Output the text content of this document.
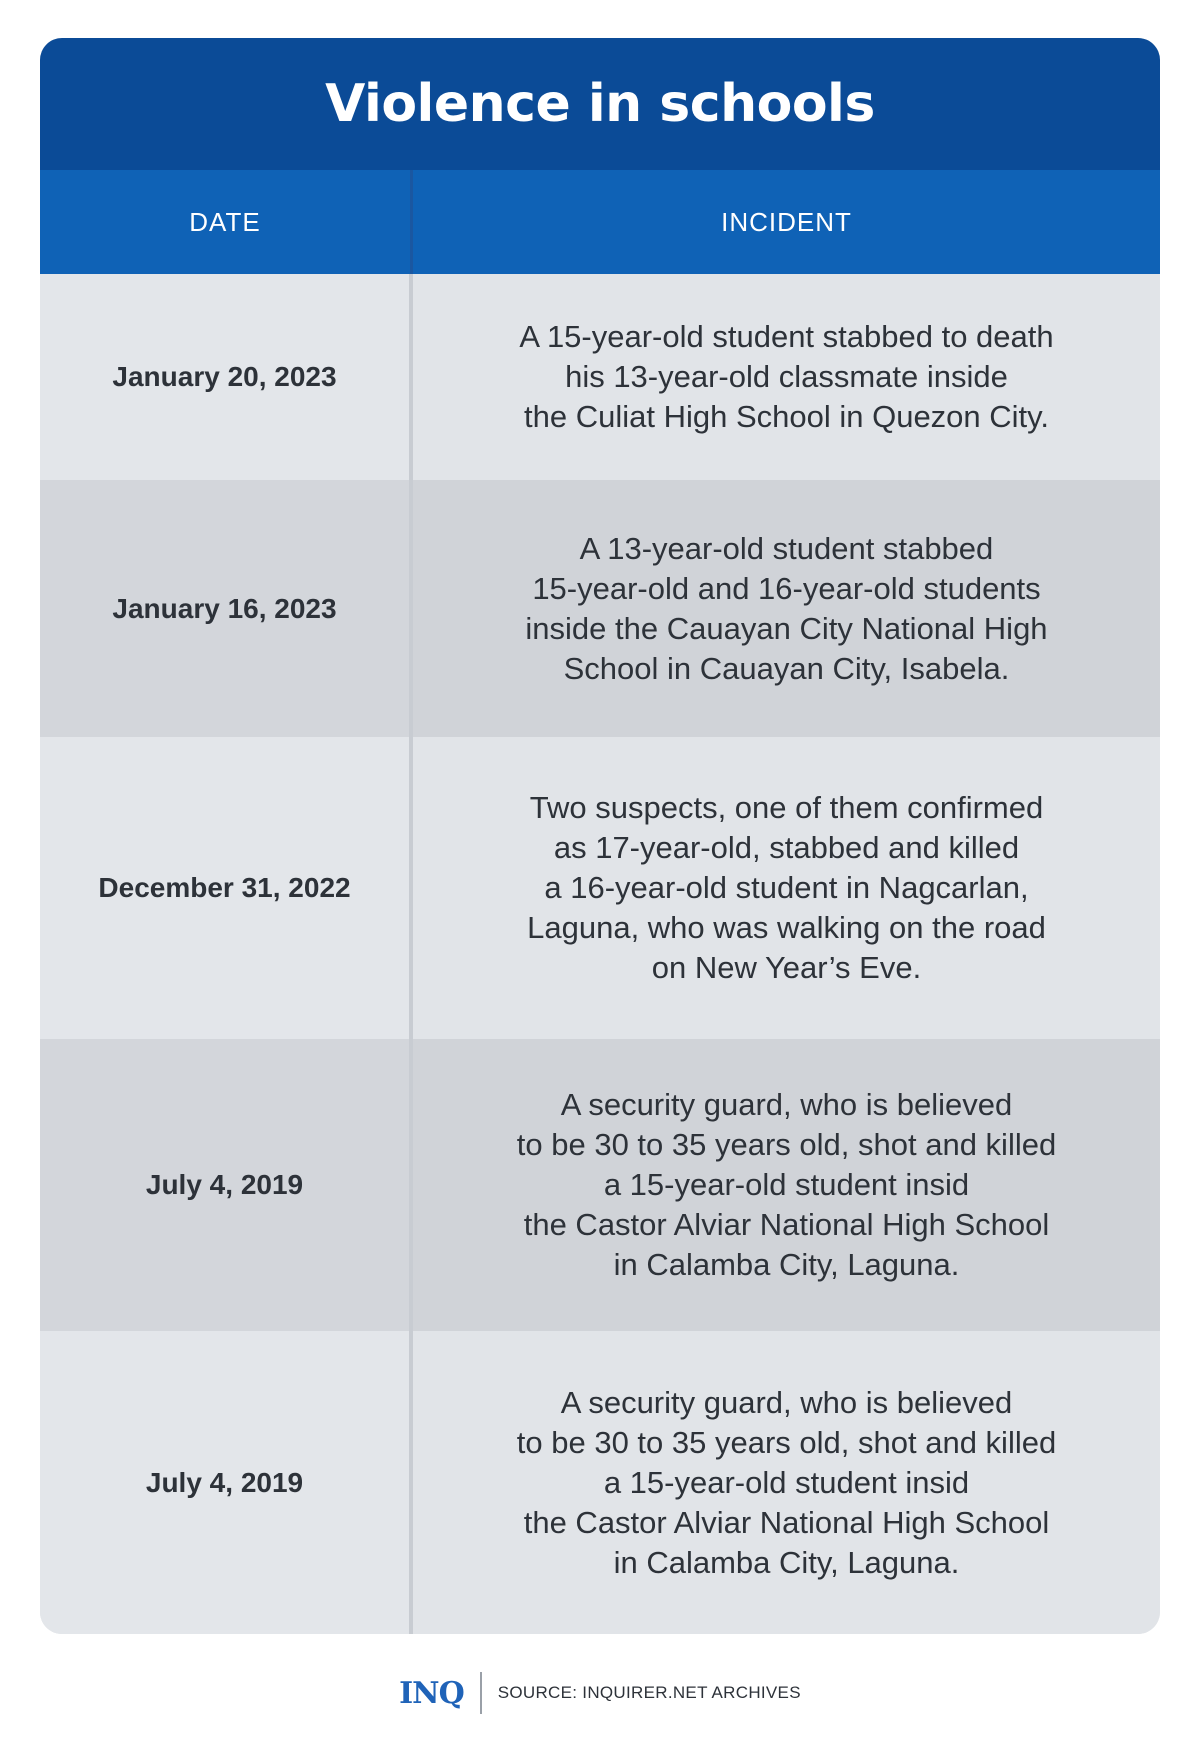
Violence in schools
DATE	INCIDENT
January 20, 2023
A 15-year-old student stabbed to death
his 13-year-old classmate inside
the Culiat High School in Quezon City.
January 16, 2023
A 13-year-old student stabbed
15-year-old and 16-year-old students
inside the Cauayan City National High
School in Cauayan City, Isabela.
December 31, 2022
Two suspects, one of them confirmed
as 17-year-old, stabbed and killed
a 16-year-old student in Nagcarlan,
Laguna, who was walking on the road
on New Year’s Eve.
July 4, 2019
A security guard, who is believed
to be 30 to 35 years old, shot and killed
a 15-year-old student insid
the Castor Alviar National High School
in Calamba City, Laguna.
July 4, 2019
A security guard, who is believed
to be 30 to 35 years old, shot and killed
a 15-year-old student insid
the Castor Alviar National High School
in Calamba City, Laguna.
INQ	SOURCE: INQUIRER.NET ARCHIVES
